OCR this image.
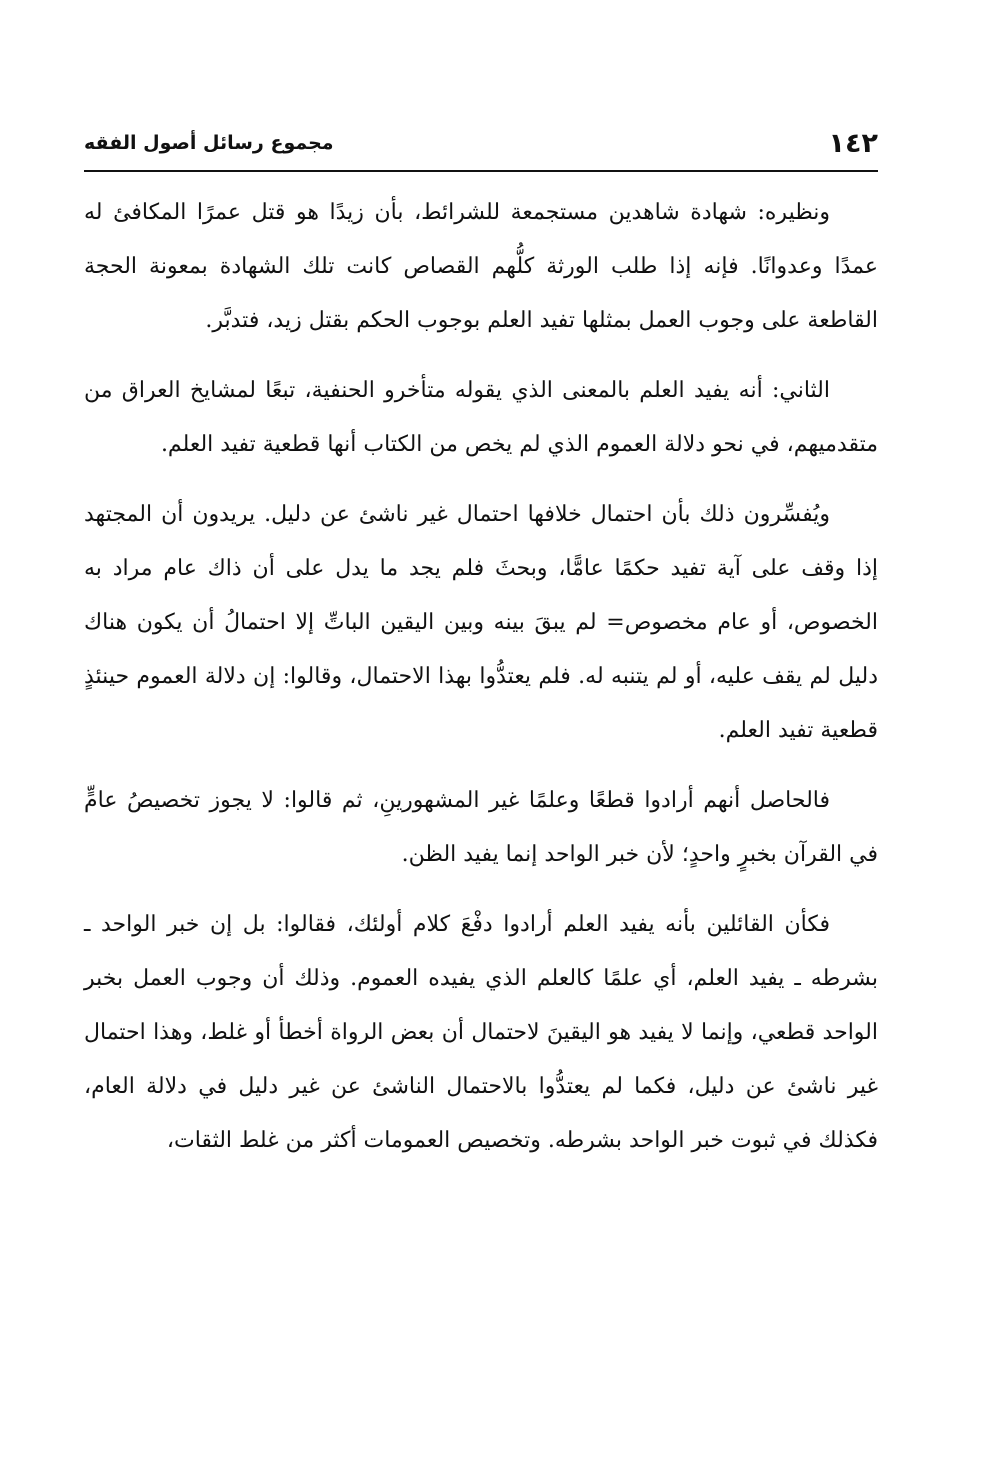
١٤٢
مجموع رسائل أصول الفقه

ونظيره: شهادة شاهدين مستجمعة للشرائط، بأن زيدًا هو قتل عمرًا المكافئ له عمدًا وعدوانًا. فإنه إذا طلب الورثة كلُّهم القصاص كانت تلك الشهادة بمعونة الحجة القاطعة على وجوب العمل بمثلها تفيد العلم بوجوب الحكم بقتل زيد، فتدبَّر.

الثاني: أنه يفيد العلم بالمعنى الذي يقوله متأخرو الحنفية، تبعًا لمشايخ العراق من متقدميهم، في نحو دلالة العموم الذي لم يخص من الكتاب أنها قطعية تفيد العلم.

ويُفسِّرون ذلك بأن احتمال خلافها احتمال غير ناشئ عن دليل. يريدون أن المجتهد إذا وقف على آية تفيد حكمًا عامًّا، وبحثَ فلم يجد ما يدل على أن ذاك عام مراد به الخصوص، أو عام مخصوص= لم يبقَ بينه وبين اليقين الباتِّ إلا احتمالُ أن يكون هناك دليل لم يقف عليه، أو لم يتنبه له. فلم يعتدُّوا بهذا الاحتمال، وقالوا: إن دلالة العموم حينئذٍ قطعية تفيد العلم.

فالحاصل أنهم أرادوا قطعًا وعلمًا غير المشهورينِ، ثم قالوا: لا يجوز تخصيصُ عامٍّ في القرآن بخبرٍ واحدٍ؛ لأن خبر الواحد إنما يفيد الظن.

فكأن القائلين بأنه يفيد العلم أرادوا دفْعَ كلام أولئك، فقالوا: بل إن خبر الواحد ـ بشرطه ـ يفيد العلم، أي علمًا كالعلم الذي يفيده العموم. وذلك أن وجوب العمل بخبر الواحد قطعي، وإنما لا يفيد هو اليقينَ لاحتمال أن بعض الرواة أخطأ أو غلط، وهذا احتمال غير ناشئ عن دليل، فكما لم يعتدُّوا بالاحتمال الناشئ عن غير دليل في دلالة العام، فكذلك في ثبوت خبر الواحد بشرطه. وتخصيص العمومات أكثر من غلط الثقات،
